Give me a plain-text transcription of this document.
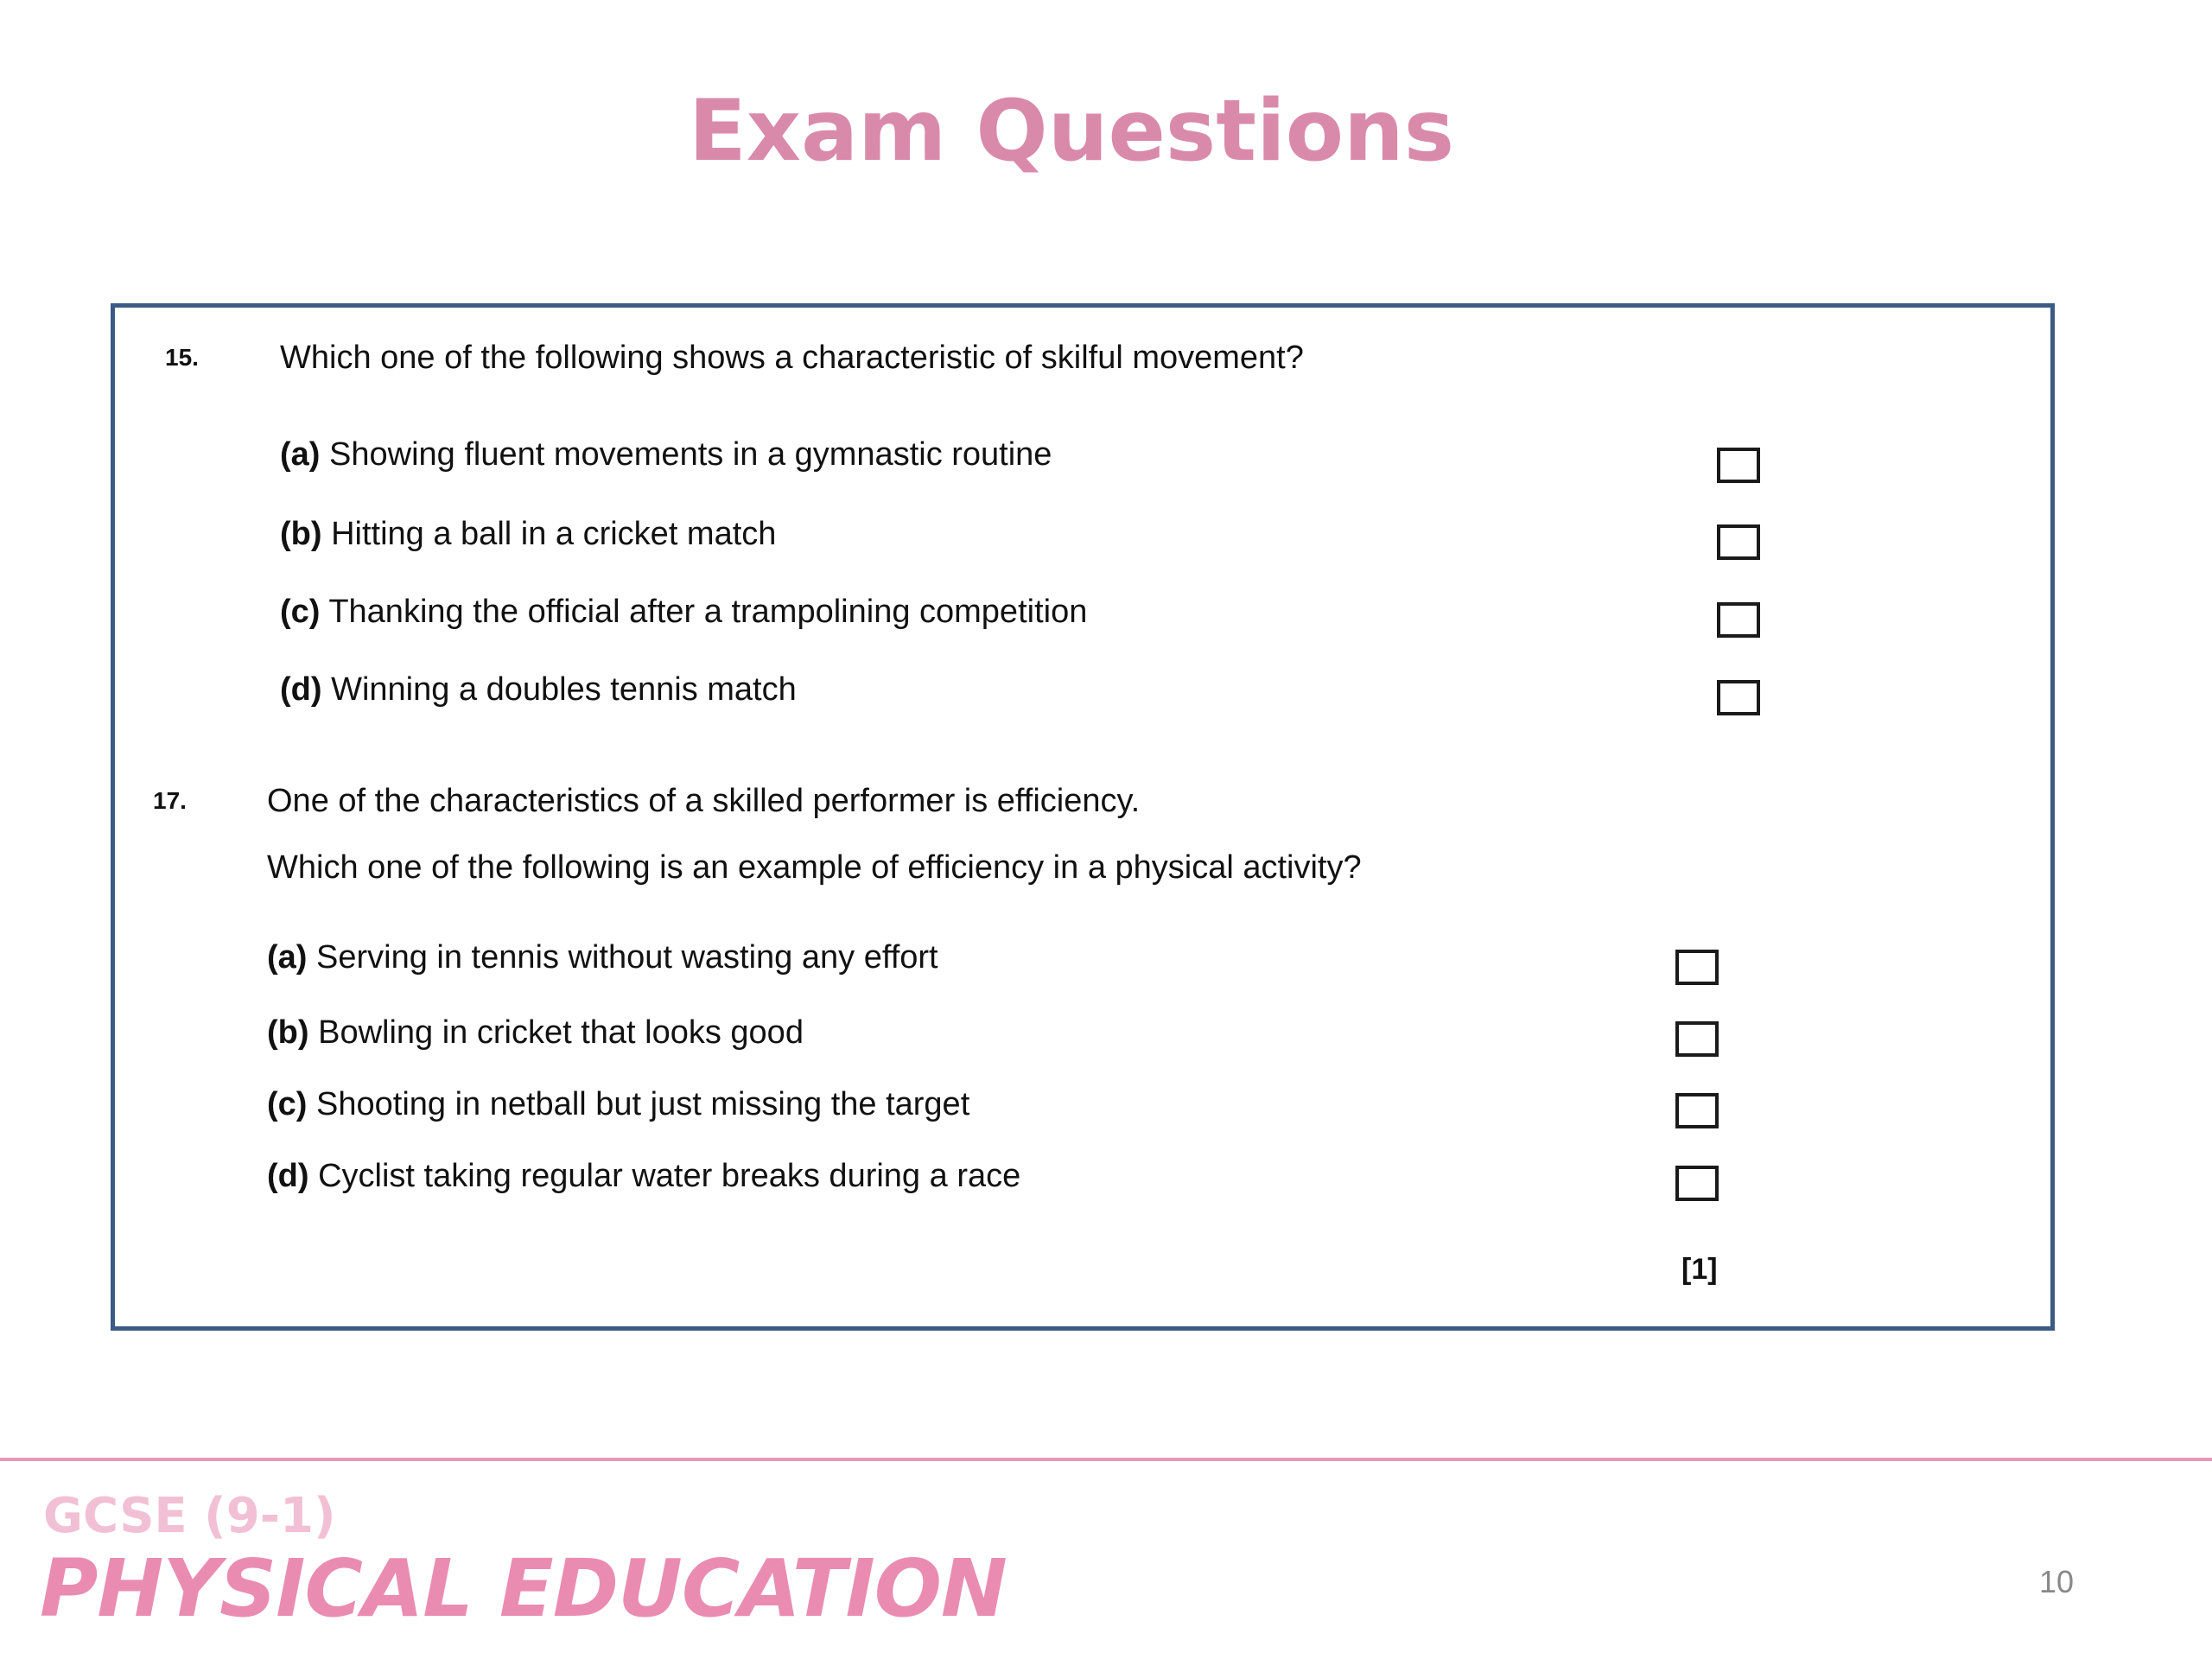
Exam Questions
15. Which one of the following shows a characteristic of skilful movement?
(a) Showing fluent movements in a gymnastic routine
(b) Hitting a ball in a cricket match
(c) Thanking the official after a trampolining competition
(d) Winning a doubles tennis match
17. One of the characteristics of a skilled performer is efficiency.
Which one of the following is an example of efficiency in a physical activity?
(a) Serving in tennis without wasting any effort
(b) Bowling in cricket that looks good
(c) Shooting in netball but just missing the target
(d) Cyclist taking regular water breaks during a race
[1]
GCSE (9-1)
PHYSICAL EDUCATION	10
